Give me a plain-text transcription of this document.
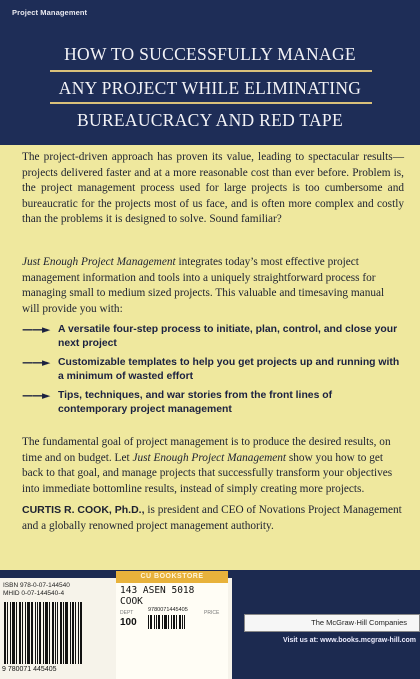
Project Management
HOW TO SUCCESSFULLY MANAGE
ANY PROJECT WHILE ELIMINATING
BUREAUCRACY AND RED TAPE

The project-driven approach has proven its value, leading to spectacular results—projects delivered faster and at a more reasonable cost than ever before. Problem is, the project management process used for large projects is too cumbersome and bureaucratic for the projects most of us face, and is often more complex and costly than the problems it is designed to solve. Sound familiar?

Just Enough Project Management integrates today’s most effective project management information and tools into a uniquely straightforward process for managing small to medium sized projects. This valuable and timesaving manual will provide you with:

——► A versatile four-step process to initiate, plan, control, and close your next project
——► Customizable templates to help you get projects up and running with a minimum of wasted effort
——► Tips, techniques, and war stories from the front lines of contemporary project management

The fundamental goal of project management is to produce the desired results, on time and on budget. Let Just Enough Project Management show you how to get back to that goal, and manage projects that successfully transform your objectives into immediate bottomline results, instead of simply creating more projects.

CURTIS R. COOK, Ph.D., is president and CEO of Novations Project Management and a globally renowned project management authority.

ISBN 978-0-07-144540
MHID 0-07-144540-4
9 780071 445405
CU BOOKSTORE
143 ASEN 5018
COOK
DEPT	PRICE
9780071445405
100	The McGraw·Hill Companies
Visit us at: www.books.mcgraw-hill.com
